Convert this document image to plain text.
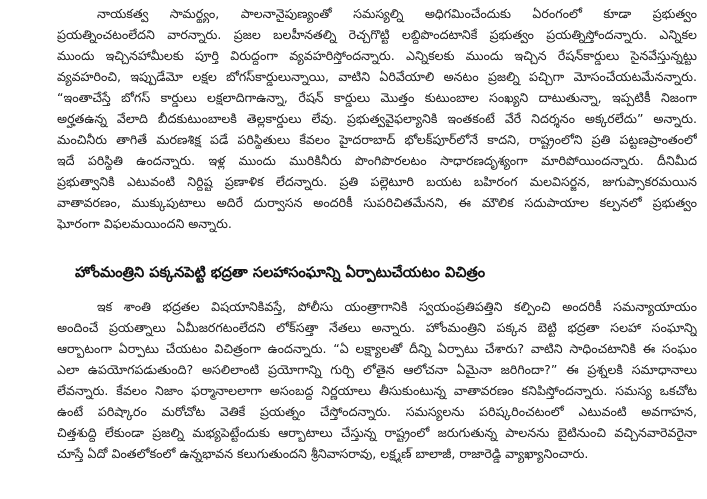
నాయకత్వ సామర్థ్యం, పాలనానైపుణ్యంతో సమస్యల్ని అధిగమించేందుకు ఏరంగంలో కూడా ప్రభుత్వం
ప్రయత్నించటంలేదని వారన్నారు. ప్రజల బలహీనతల్ని రెచ్చగొట్టి లబ్ధిపొందటానికే ప్రభుత్వం ప్రయత్నిస్తోందన్నారు. ఎన్నికల
ముందు ఇచ్చినహామీలకు పూర్తి విరుద్ధంగా వ్యవహరిస్తోందన్నారు. ఎన్నికలకు ముందు ఇచ్చిన రేషన్‌కార్డులు సైనవేస్తున్నట్టు
వ్యవహరించి, ఇప్పుడేమో లక్షల బోగస్‌కార్డులున్నాయి, వాటిని ఏరివేయాలి అనటం ప్రజల్ని పచ్చిగా మోసంచేయటమేనన్నారు.
“ఇంతాచేస్తే బోగస్ కార్డులు లక్షలాదిగాఉన్నా, రేషన్ కార్డులు మొత్తం కుటుంబాల సంఖ్యని దాటుతున్నా, ఇప్పటికీ నిజంగా
అర్హతఉన్న వేలాది బీదకుటుంబాలకి తెల్లకార్డులు లేవు. ప్రభుత్వవైఫల్యానికి ఇంతకంటే వేరే నిదర్శనం అక్కరలేదు” అన్నారు.
మంచినీరు తాగితే మరణశిక్ష పడే పరిస్థితులు కేవలం హైదరాబాద్ భోలక్‌పూర్‌లోనే కాదని, రాష్ట్రంలోని ప్రతి పట్టణప్రాంతంలో
ఇదే పరిస్థితి ఉందన్నారు. ఇళ్ల ముందు మురికినీరు పొంగిపొరలటం సాధారణదృశ్యంగా మారిపోయిందన్నారు. దీనిమీద
ప్రభుత్వానికి ఎటువంటి నిర్దిష్ట ప్రణాళిక లేదన్నారు. ప్రతి పల్లెటూరి బయట బహిరంగ మలవిసర్జన, జుగుప్సాకరమయిన
వాతావరణం, ముక్కుపుటాలు అదిరే దుర్వాసన అందరికీ సుపరిచితమేనని, ఈ మౌలిక సదుపాయాల కల్పనలో ప్రభుత్వం
ఘోరంగా విఫలమయిందని అన్నారు.
హోంమంత్రిని పక్కనపెట్టి భద్రతా సలహాసంఘాన్ని ఏర్పాటుచేయటం విచిత్రం
ఇక శాంతి భద్రతల విషయానికివస్తే, పోలీసు యంత్రాగానికి స్వయంప్రతిపత్తిని కల్పించి అందరికీ సమన్యాయాయం
అందించే ప్రయత్నాలు ఏమీజరగటంలేదని లోక్‌సత్తా నేతలు అన్నారు. హోంమంత్రిని పక్కన బెట్టి భద్రతా సలహా సంఘాన్ని
ఆర్భాటంగా ఏర్పాటు చేయటం విచిత్రంగా ఉందన్నారు. “ఏ లక్ష్యాలతో దీన్ని ఏర్పాటు చేశారు? వాటిని సాధించటానికి ఈ సంఘం
ఎలా ఉపయోగపడుతుంది? అసలిలాంటి ప్రయోగాన్ని గుర్చి లోతైన ఆలోచనా ఏమైనా జరిగిందా?” ఈ ప్రశ్నలకి సమాధానాలు
లేవన్నారు. కేవలం నిజాం ఫర్మానాలలాగా అసంబద్ధ నిర్ణయాలు తీసుకుంటున్న వాతావరణం కనిపిస్తోందన్నారు. సమస్య ఒకచోట
ఉంటే పరిష్కారం మరోచోట వెతికే ప్రయత్నం చేస్తోందన్నారు. సమస్యలను పరిష్కరించటంలో ఎటువంటి అవగాహన,
చిత్తశుద్ధి లేకుండా ప్రజల్ని మభ్యపెట్టేందుకు ఆర్భాటాలు చేస్తున్న రాష్ట్రంలో జరుగుతున్న పాలనను బైటినుంచి వచ్చినవారెవరైనా
చూస్తే ఏదో వింతలోకంలో ఉన్నభావన కలుగుతుందని శ్రీనివాసరావు, లక్ష్మణ్ బాలాజీ, రాజారెడ్డి వ్యాఖ్యానించారు.
